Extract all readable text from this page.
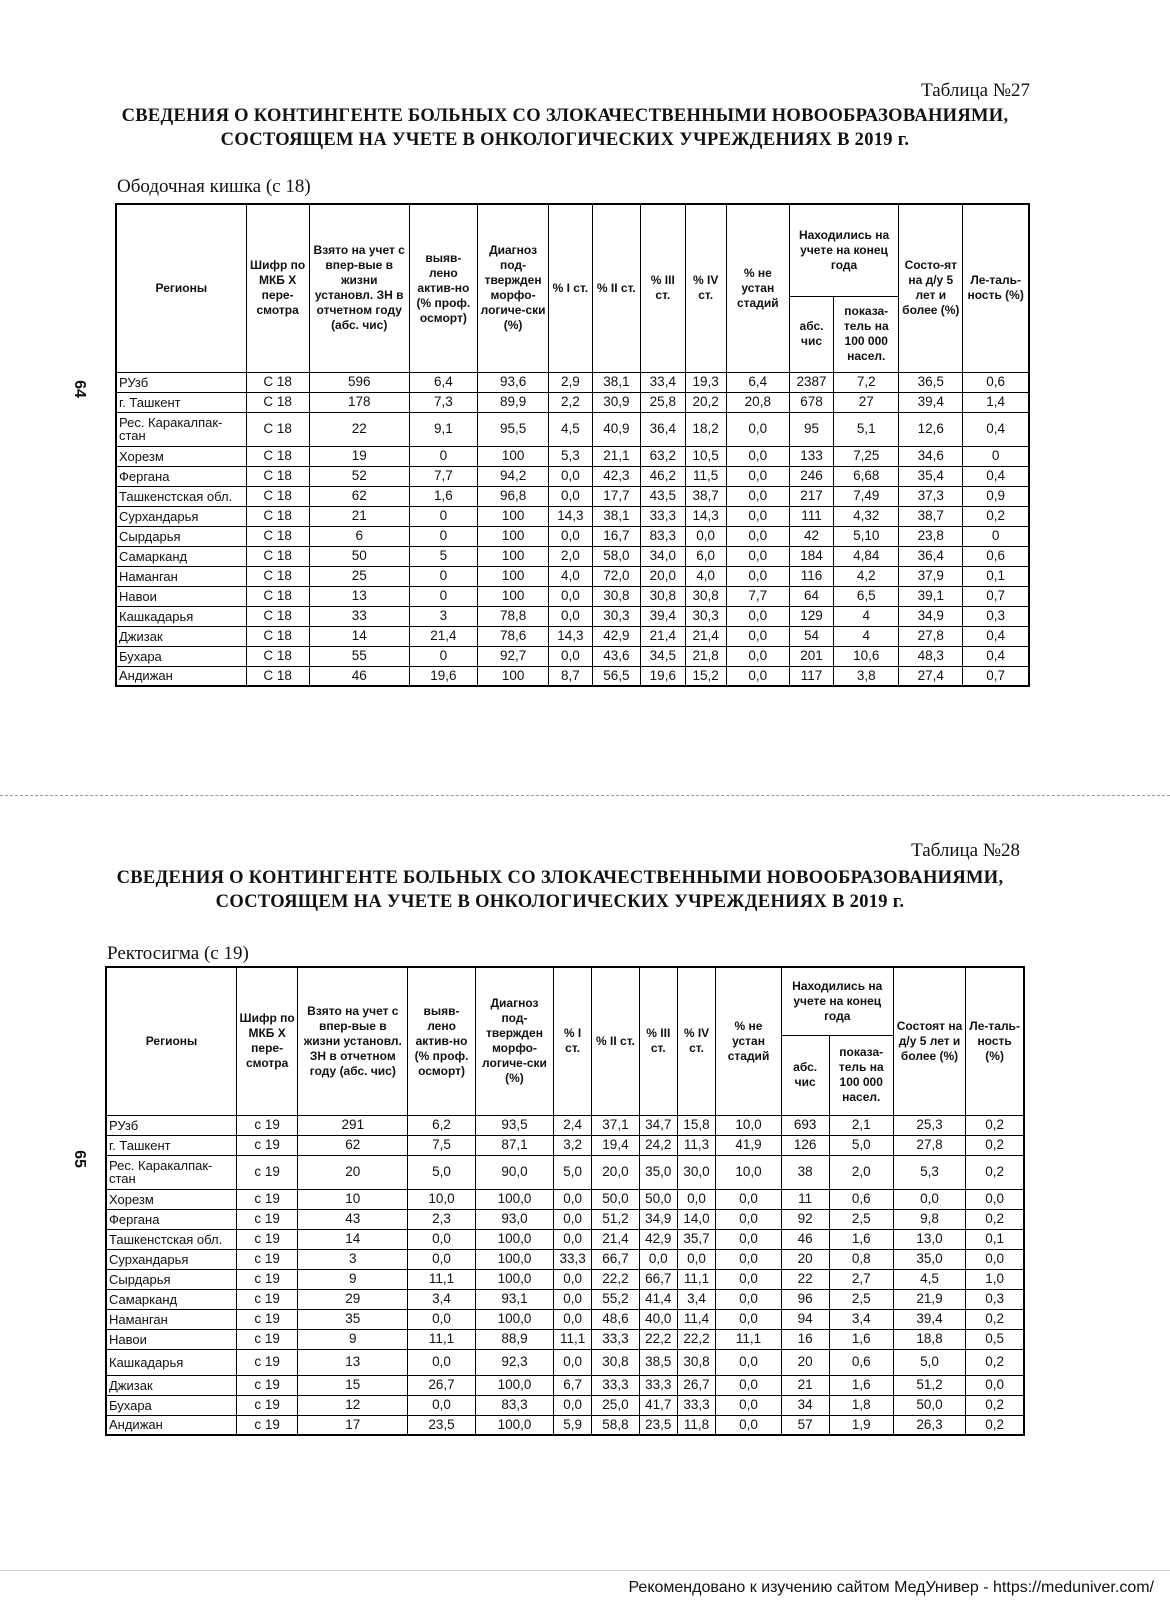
64
Таблица №27
СВЕДЕНИЯ О КОНТИНГЕНТЕ БОЛЬНЫХ СО ЗЛОКАЧЕСТВЕННЫМИ НОВООБРАЗОВАНИЯМИ,
СОСТОЯЩЕМ НА УЧЕТЕ В ОНКОЛОГИЧЕСКИХ УЧРЕЖДЕНИЯХ В 2019 г.
Ободочная кишка (с 18)
Регионы	Шифр по МКБ X пере-смотра	Взято на учет с впер-вые в жизни установл. ЗН в отчетном году (абс. чис)	выяв-лено актив-но (% проф. осморт)	Диагноз под-твержден морфо-логиче-ски (%)	% I ст.	% II ст.	% III ст.	% IV ст.	% не устан стадий	Находились на учете на конец года		Состо-ят на д/у 5 лет и более (%)	Ле-таль-ность (%)
										абс. чис	показа-тель на 100 000 насел.		
РУзб	С 18	596	6,4	93,6	2,9	38,1	33,4	19,3	6,4	2387	7,2	36,5	0,6
г. Ташкент	С 18	178	7,3	89,9	2,2	30,9	25,8	20,2	20,8	678	27	39,4	1,4
Рес. Каракалпак-стан	С 18	22	9,1	95,5	4,5	40,9	36,4	18,2	0,0	95	5,1	12,6	0,4
Хорезм	С 18	19	0	100	5,3	21,1	63,2	10,5	0,0	133	7,25	34,6	0
Фергана	С 18	52	7,7	94,2	0,0	42,3	46,2	11,5	0,0	246	6,68	35,4	0,4
Ташкенстская обл.	С 18	62	1,6	96,8	0,0	17,7	43,5	38,7	0,0	217	7,49	37,3	0,9
Сурхандарья	С 18	21	0	100	14,3	38,1	33,3	14,3	0,0	111	4,32	38,7	0,2
Сырдарья	С 18	6	0	100	0,0	16,7	83,3	0,0	0,0	42	5,10	23,8	0
Самарканд	С 18	50	5	100	2,0	58,0	34,0	6,0	0,0	184	4,84	36,4	0,6
Наманган	С 18	25	0	100	4,0	72,0	20,0	4,0	0,0	116	4,2	37,9	0,1
Навои	С 18	13	0	100	0,0	30,8	30,8	30,8	7,7	64	6,5	39,1	0,7
Кашкадарья	С 18	33	3	78,8	0,0	30,3	39,4	30,3	0,0	129	4	34,9	0,3
Джизак	С 18	14	21,4	78,6	14,3	42,9	21,4	21,4	0,0	54	4	27,8	0,4
Бухара	С 18	55	0	92,7	0,0	43,6	34,5	21,8	0,0	201	10,6	48,3	0,4
Андижан	С 18	46	19,6	100	8,7	56,5	19,6	15,2	0,0	117	3,8	27,4	0,7
65
Таблица №28
СВЕДЕНИЯ О КОНТИНГЕНТЕ БОЛЬНЫХ СО ЗЛОКАЧЕСТВЕННЫМИ НОВООБРАЗОВАНИЯМИ,
СОСТОЯЩЕМ НА УЧЕТЕ В ОНКОЛОГИЧЕСКИХ УЧРЕЖДЕНИЯХ В 2019 г.
Ректосигма (с 19)
Регионы	Шифр по МКБ X пере-смотра	Взято на учет с впер-вые в жизни установл. ЗН в отчетном году (абс. чис)	выяв-лено актив-но (% проф. осморт)	Диагноз под-твержден морфо-логиче-ски (%)	% I ст.	% II ст.	% III ст.	% IV ст.	% не устан стадий	Находились на учете на конец года		Состоят на д/у 5 лет и более (%)	Ле-таль-ность (%)
										абс. чис	показа-тель на 100 000 насел.		
РУзб	с 19	291	6,2	93,5	2,4	37,1	34,7	15,8	10,0	693	2,1	25,3	0,2
г. Ташкент	с 19	62	7,5	87,1	3,2	19,4	24,2	11,3	41,9	126	5,0	27,8	0,2
Рес. Каракалпак-стан	с 19	20	5,0	90,0	5,0	20,0	35,0	30,0	10,0	38	2,0	5,3	0,2
Хорезм	с 19	10	10,0	100,0	0,0	50,0	50,0	0,0	0,0	11	0,6	0,0	0,0
Фергана	с 19	43	2,3	93,0	0,0	51,2	34,9	14,0	0,0	92	2,5	9,8	0,2
Ташкенстская обл.	с 19	14	0,0	100,0	0,0	21,4	42,9	35,7	0,0	46	1,6	13,0	0,1
Сурхандарья	с 19	3	0,0	100,0	33,3	66,7	0,0	0,0	0,0	20	0,8	35,0	0,0
Сырдарья	с 19	9	11,1	100,0	0,0	22,2	66,7	11,1	0,0	22	2,7	4,5	1,0
Самарканд	с 19	29	3,4	93,1	0,0	55,2	41,4	3,4	0,0	96	2,5	21,9	0,3
Наманган	с 19	35	0,0	100,0	0,0	48,6	40,0	11,4	0,0	94	3,4	39,4	0,2
Навои	с 19	9	11,1	88,9	11,1	33,3	22,2	22,2	11,1	16	1,6	18,8	0,5
Кашкадарья	с 19	13	0,0	92,3	0,0	30,8	38,5	30,8	0,0	20	0,6	5,0	0,2
Джизак	с 19	15	26,7	100,0	6,7	33,3	33,3	26,7	0,0	21	1,6	51,2	0,0
Бухара	с 19	12	0,0	83,3	0,0	25,0	41,7	33,3	0,0	34	1,8	50,0	0,2
Андижан	с 19	17	23,5	100,0	5,9	58,8	23,5	11,8	0,0	57	1,9	26,3	0,2
Рекомендовано к изучению сайтом МедУнивер - https://meduniver.com/
